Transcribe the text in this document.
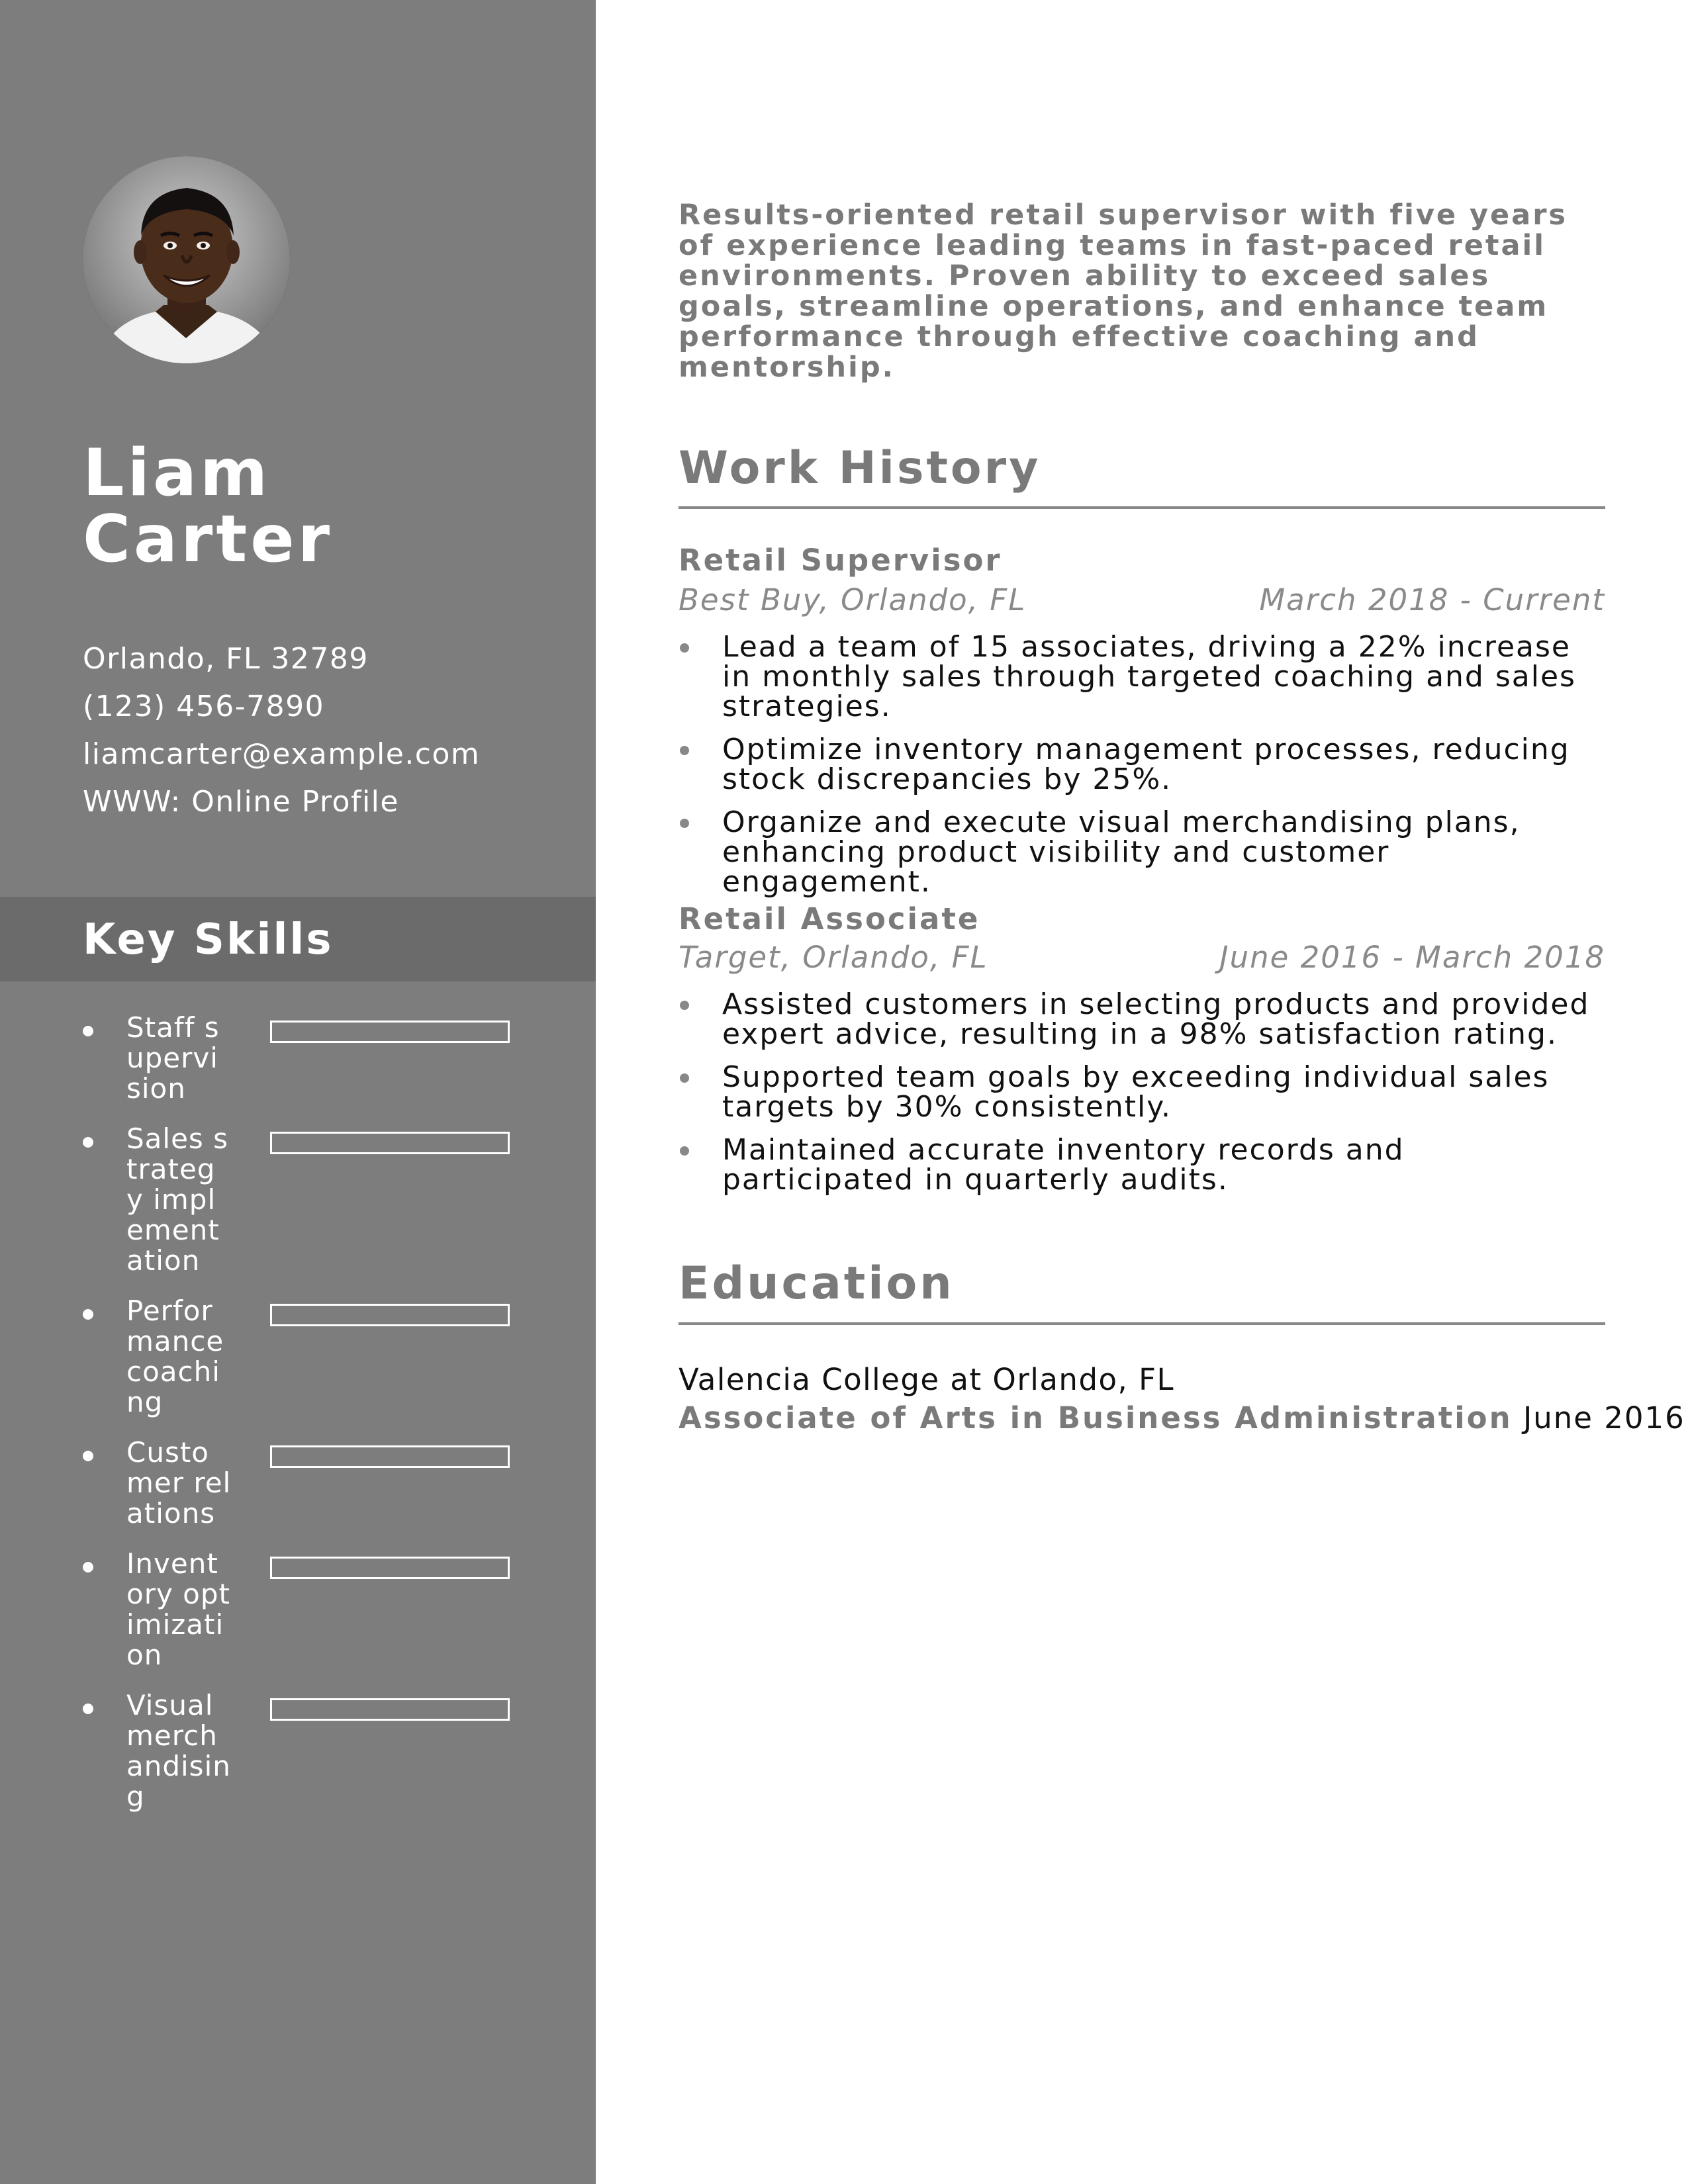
Liam
Carter
Orlando, FL 32789
(123) 456-7890
liamcarter@example.com
WWW: Online Profile
Key Skills
Staff supervision
Sales strategy implementation
Performance coaching
Customer relations
Inventory optimization
Visual merchandising

Results-oriented retail supervisor with five years of experience leading teams in fast-paced retail environments. Proven ability to exceed sales goals, streamline operations, and enhance team performance through effective coaching and mentorship.

Work History
Retail Supervisor
Best Buy, Orlando, FL	March 2018 - Current
Lead a team of 15 associates, driving a 22% increase in monthly sales through targeted coaching and sales strategies.
Optimize inventory management processes, reducing stock discrepancies by 25%.
Organize and execute visual merchandising plans, enhancing product visibility and customer engagement.
Retail Associate
Target, Orlando, FL	June 2016 - March 2018
Assisted customers in selecting products and provided expert advice, resulting in a 98% satisfaction rating.
Supported team goals by exceeding individual sales targets by 30% consistently.
Maintained accurate inventory records and participated in quarterly audits.
Education
Valencia College at Orlando, FL
Associate of Arts in Business Administration June 2016
